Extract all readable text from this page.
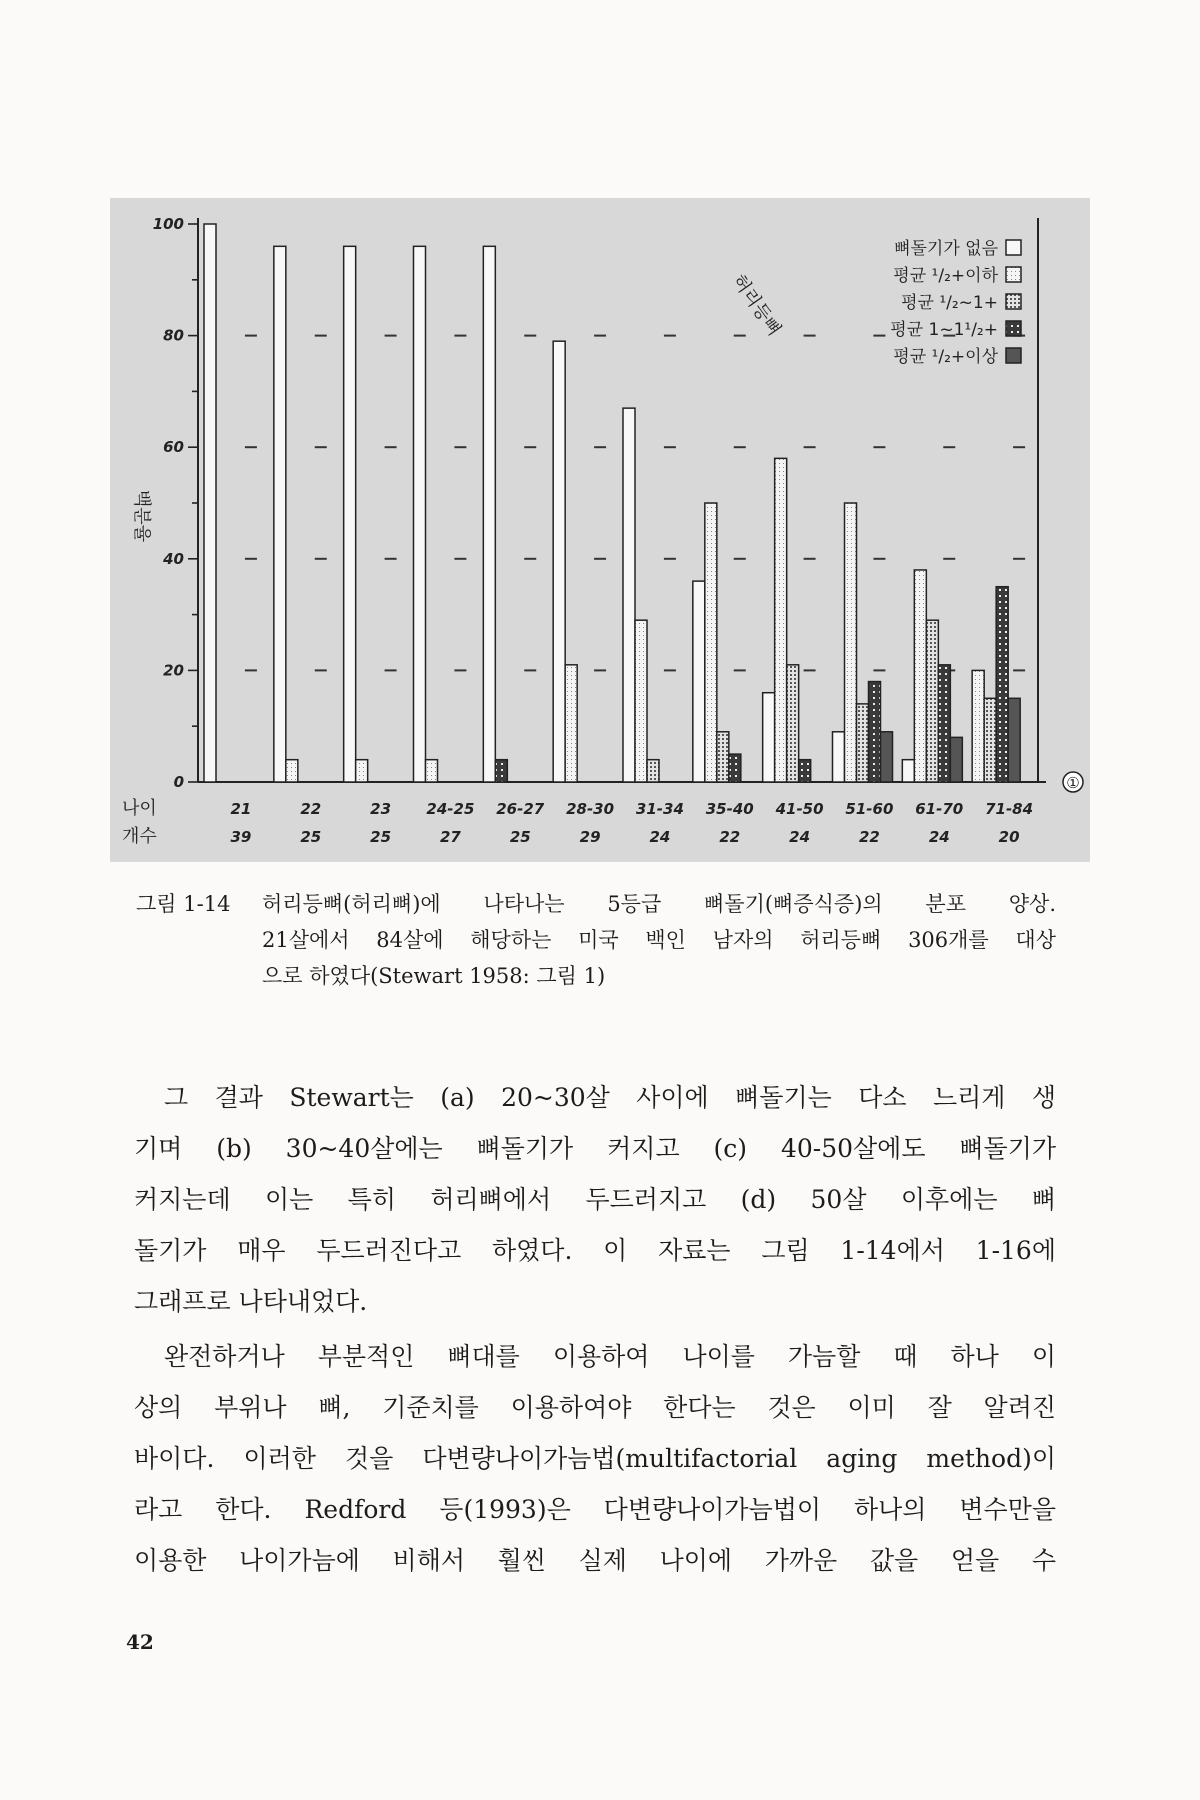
0
20
40
60
80
100
21
39
22
25
23
25
24-25
27
26-27
25
28-30
29
31-34
24
35-40
22
41-50
24
51-60
22
61-70
24
71-84
20
뼈돌기가 없음
평균 ¹/₂+이하
평균 ¹/₂~1+
평균 1~1¹/₂+
평균 ¹/₂+이상
허리등뼈
백분율
나이
개수
①
그림 1-14 허리등뼈(허리뼈)에 나타나는 5등급 뼈돌기(뼈증식증)의 분포 양상.
21살에서 84살에 해당하는 미국 백인 남자의 허리등뼈 306개를 대상
으로 하였다(Stewart 1958: 그림 1)
그 결과 Stewart는 (a) 20~30살 사이에 뼈돌기는 다소 느리게 생
기며 (b) 30~40살에는 뼈돌기가 커지고 (c) 40-50살에도 뼈돌기가
커지는데 이는 특히 허리뼈에서 두드러지고 (d) 50살 이후에는 뼈
돌기가 매우 두드러진다고 하였다. 이 자료는 그림 1-14에서 1-16에
그래프로 나타내었다.
완전하거나 부분적인 뼈대를 이용하여 나이를 가늠할 때 하나 이
상의 부위나 뼈, 기준치를 이용하여야 한다는 것은 이미 잘 알려진
바이다. 이러한 것을 다변량나이가늠법(multifactorial aging method)이
라고 한다. Redford 등(1993)은 다변량나이가늠법이 하나의 변수만을
이용한 나이가늠에 비해서 훨씬 실제 나이에 가까운 값을 얻을 수
42
